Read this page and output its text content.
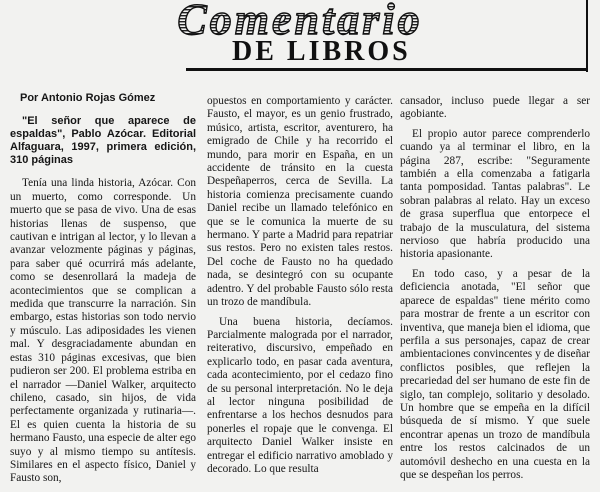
Comentario
DE LIBROS
Por Antonio Rojas Gómez
"El señor que aparece de espaldas", Pablo Azócar. Editorial Alfaguara, 1997, primera edición, 310 páginas

Tenía una linda historia, Azócar. Con un muerto, como corresponde. Un muerto que se pasa de vivo. Una de esas historias llenas de suspenso, que cautivan e intrigan al lector, y lo llevan a avanzar velozmente páginas y páginas, para saber qué ocurrirá más adelante, como se desenrollará la madeja de acontecimientos que se complican a medida que transcurre la narración. Sin embargo, estas historias son todo nervio y músculo. Las adiposidades les vienen mal. Y desgraciadamente abundan en estas 310 páginas excesivas, que bien pudieron ser 200. El problema estriba en el narrador —Daniel Walker, arquitecto chileno, casado, sin hijos, de vida perfectamente organizada y rutinaria—. El es quien cuenta la historia de su hermano Fausto, una especie de alter ego suyo y al mismo tiempo su antítesis. Similares en el aspecto físico, Daniel y Fausto son,

opuestos en comportamiento y carácter. Fausto, el mayor, es un genio frustrado, músico, artista, escritor, aventurero, ha emigrado de Chile y ha recorrido el mundo, para morir en España, en un accidente de tránsito en la cuesta Despeñaperros, cerca de Sevilla. La historia comienza precisamente cuando Daniel recibe un llamado telefónico en que se le comunica la muerte de su hermano. Y parte a Madrid para repatriar sus restos. Pero no existen tales restos. Del coche de Fausto no ha quedado nada, se desintegró con su ocupante adentro. Y del probable Fausto sólo resta un trozo de mandíbula.

Una buena historia, decíamos. Parcialmente malograda por el narrador, reiterativo, discursivo, empeñado en explicarlo todo, en pasar cada aventura, cada acontecimiento, por el cedazo fino de su personal interpretación. No le deja al lector ninguna posibilidad de enfrentarse a los hechos desnudos para ponerles el ropaje que le convenga. El arquitecto Daniel Walker insiste en entregar el edificio narrativo amoblado y decorado. Lo que resulta

cansador, incluso puede llegar a ser agobiante.

El propio autor parece comprenderlo cuando ya al terminar el libro, en la página 287, escribe: "Seguramente también a ella comenzaba a fatigarla tanta pomposidad. Tantas palabras". Le sobran palabras al relato. Hay un exceso de grasa superflua que entorpece el trabajo de la musculatura, del sistema nervioso que habría producido una historia apasionante.

En todo caso, y a pesar de la deficiencia anotada, "El señor que aparece de espaldas" tiene mérito como para mostrar de frente a un escritor con inventiva, que maneja bien el idioma, que perfila a sus personajes, capaz de crear ambientaciones convincentes y de diseñar conflictos posibles, que reflejen la precariedad del ser humano de este fin de siglo, tan complejo, solitario y desolado. Un hombre que se empeña en la difícil búsqueda de sí mismo. Y que suele encontrar apenas un trozo de mandíbula entre los restos calcinados de un automóvil deshecho en una cuesta en la que se despeñan los perros.
